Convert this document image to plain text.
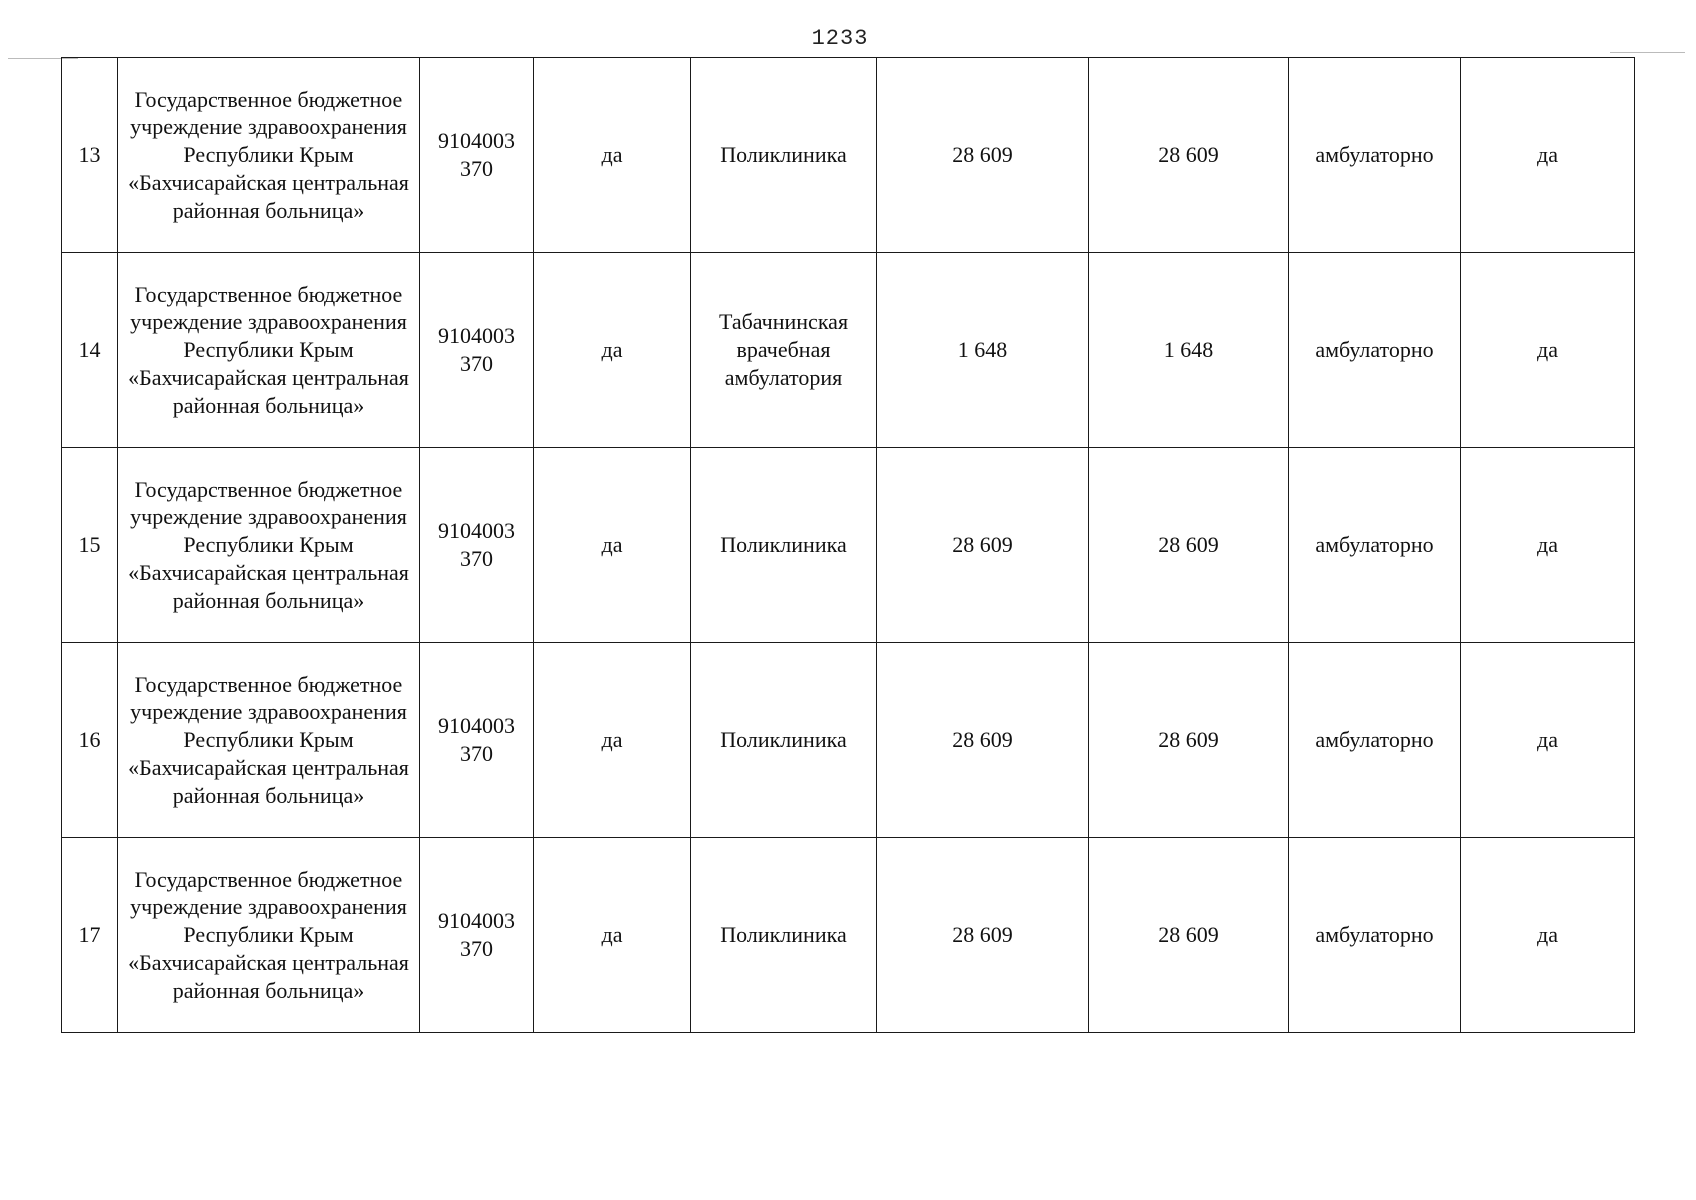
1233
13	Государственное бюджетное учреждение здравоохранения Республики Крым «Бахчисарайская центральная районная больница»	9104003 370	да	Поликлиника	28 609	28 609	амбулаторно	да
14	Государственное бюджетное учреждение здравоохранения Республики Крым «Бахчисарайская центральная районная больница»	9104003 370	да	Табачнинская врачебная амбулатория	1 648	1 648	амбулаторно	да
15	Государственное бюджетное учреждение здравоохранения Республики Крым «Бахчисарайская центральная районная больница»	9104003 370	да	Поликлиника	28 609	28 609	амбулаторно	да
16	Государственное бюджетное учреждение здравоохранения Республики Крым «Бахчисарайская центральная районная больница»	9104003 370	да	Поликлиника	28 609	28 609	амбулаторно	да
17	Государственное бюджетное учреждение здравоохранения Республики Крым «Бахчисарайская центральная районная больница»	9104003 370	да	Поликлиника	28 609	28 609	амбулаторно	да
